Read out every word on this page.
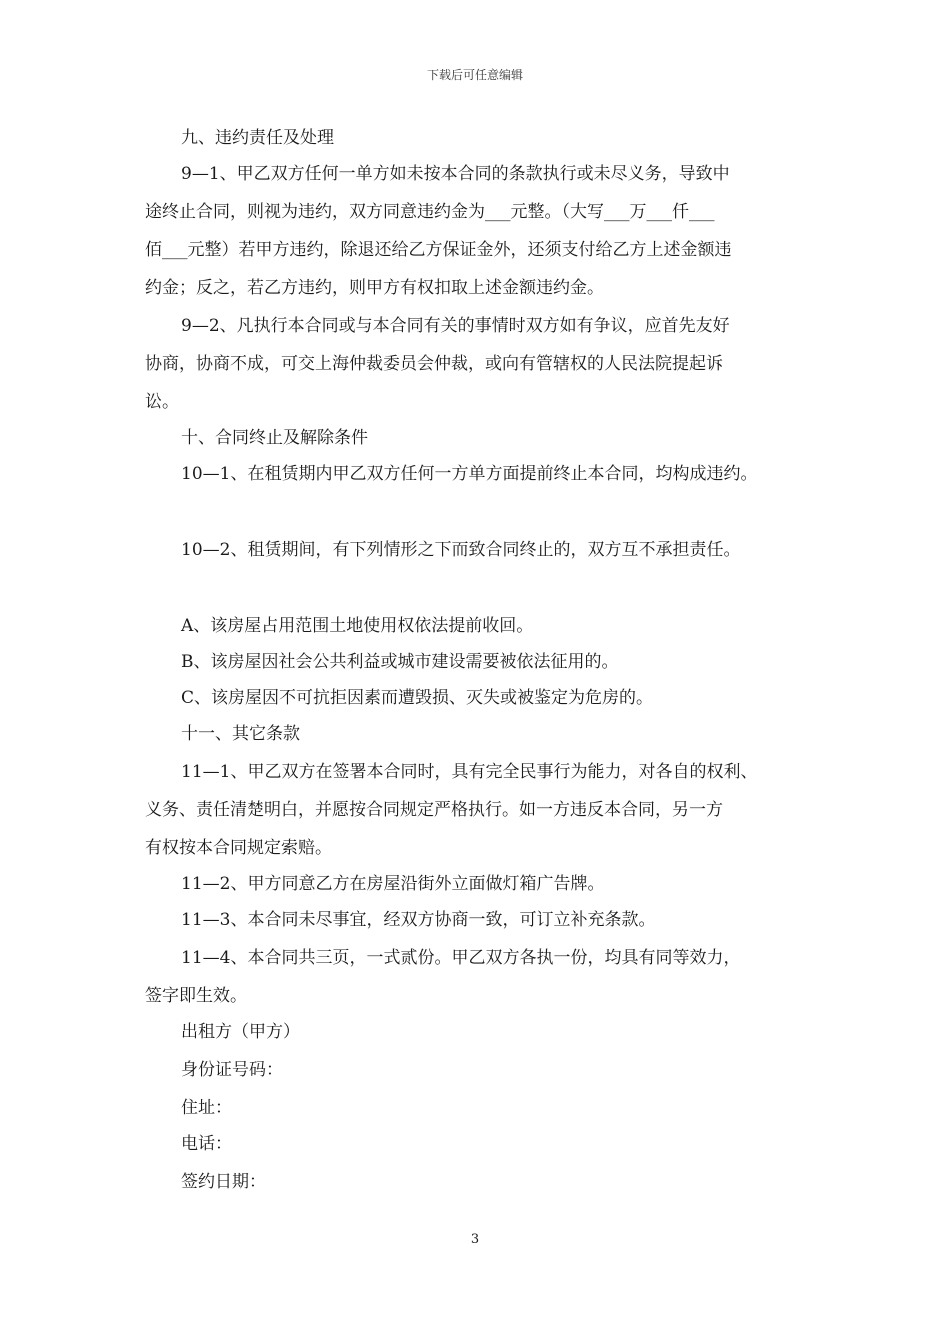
下载后可任意编辑
九、违约责任及处理
9—1、甲乙双方任何一单方如未按本合同的条款执行或未尽义务，导致中
途终止合同，则视为违约，双方同意违约金为___元整。（大写___万___仟___
佰___元整）若甲方违约，除退还给乙方保证金外，还须支付给乙方上述金额违
约金；反之，若乙方违约，则甲方有权扣取上述金额违约金。
9—2、凡执行本合同或与本合同有关的事情时双方如有争议，应首先友好
协商，协商不成，可交上海仲裁委员会仲裁，或向有管辖权的人民法院提起诉
讼。
十、合同终止及解除条件
10—1、在租赁期内甲乙双方任何一方单方面提前终止本合同，均构成违约。
10—2、租赁期间，有下列情形之下而致合同终止的，双方互不承担责任。
A、该房屋占用范围土地使用权依法提前收回。
B、该房屋因社会公共利益或城市建设需要被依法征用的。
C、该房屋因不可抗拒因素而遭毁损、灭失或被鉴定为危房的。
十一、其它条款
11—1、甲乙双方在签署本合同时，具有完全民事行为能力，对各自的权利、
义务、责任清楚明白，并愿按合同规定严格执行。如一方违反本合同，另一方
有权按本合同规定索赔。
11—2、甲方同意乙方在房屋沿街外立面做灯箱广告牌。
11—3、本合同未尽事宜，经双方协商一致，可订立补充条款。
11—4、本合同共三页，一式贰份。甲乙双方各执一份，均具有同等效力，
签字即生效。
出租方（甲方）
身份证号码：
住址：
电话：
签约日期：
3
